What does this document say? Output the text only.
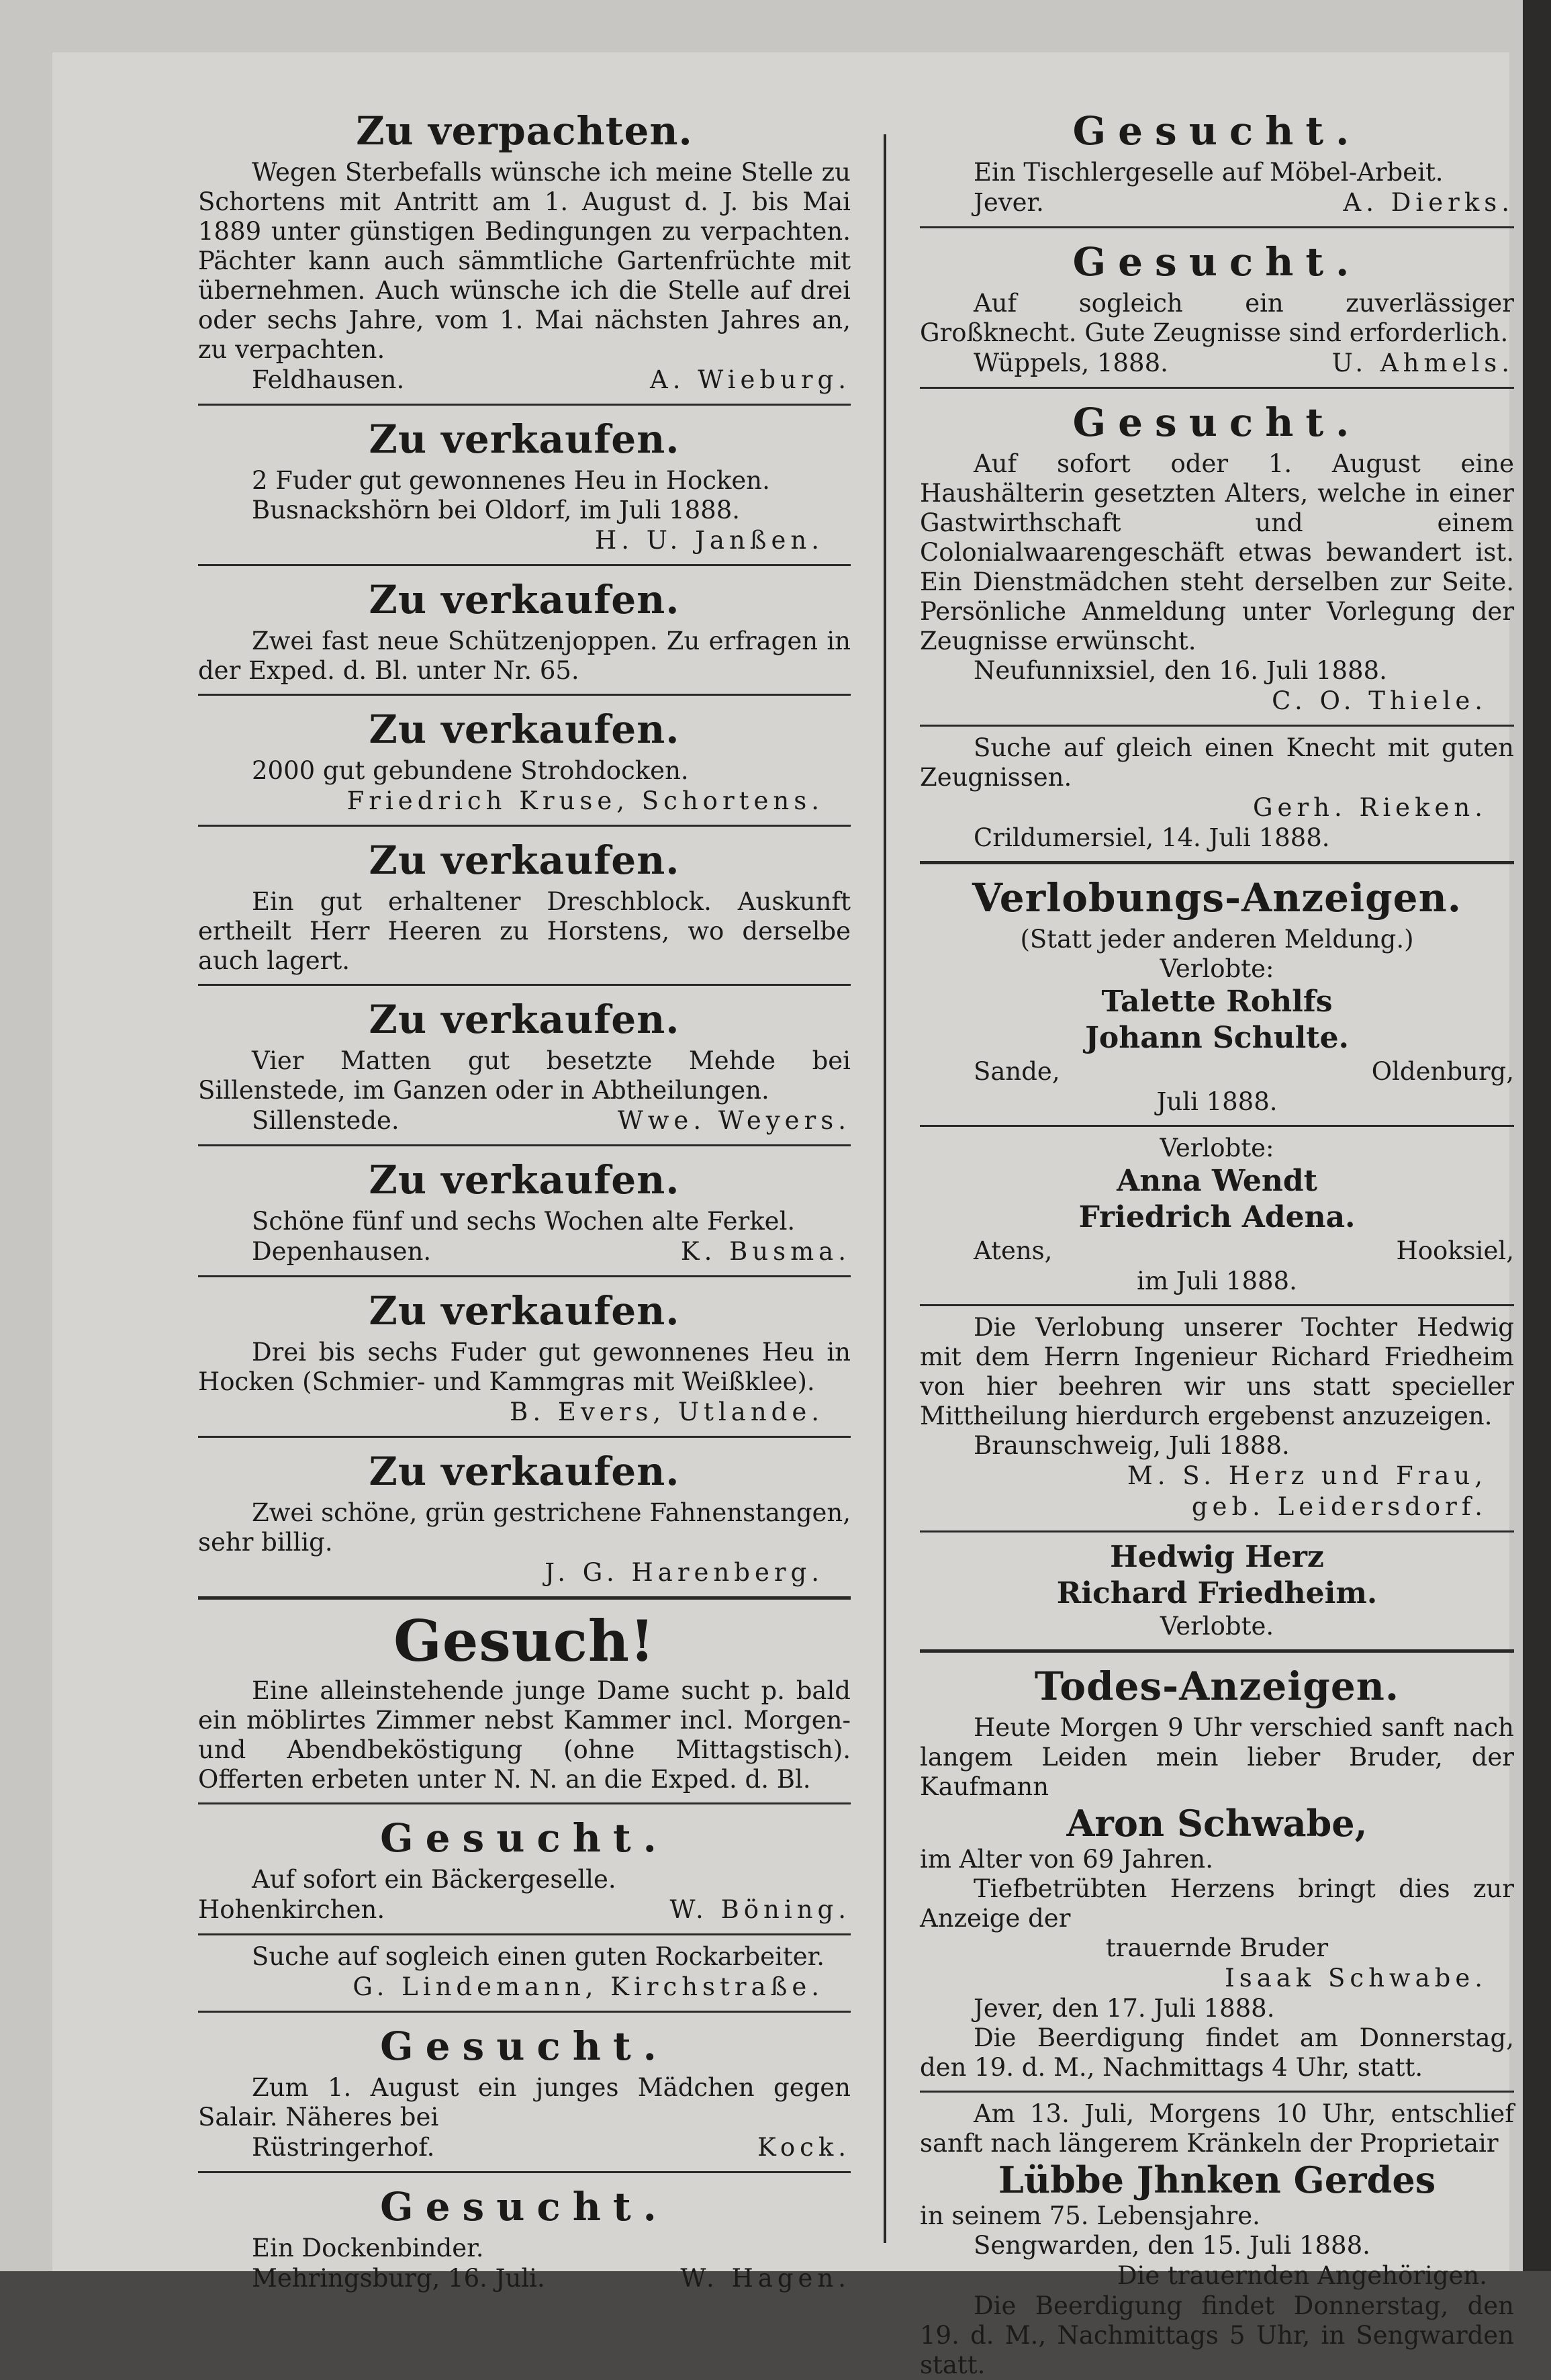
Zu verpachten.
Wegen Sterbefalls wünsche ich meine Stelle zu Schortens mit Antritt am 1. August d. J. bis Mai 1889 unter günstigen Bedingungen zu verpachten. Pächter kann auch sämmtliche Gartenfrüchte mit übernehmen. Auch wünsche ich die Stelle auf drei oder sechs Jahre, vom 1. Mai nächsten Jahres an, zu verpachten.
Feldhausen.	A. Wieburg.
Zu verkaufen.
2 Fuder gut gewonnenes Heu in Hocken.
Busnackshörn bei Oldorf, im Juli 1888.
H. U. Janßen.
Zu verkaufen.
Zwei fast neue Schützenjoppen. Zu erfragen in der Exped. d. Bl. unter Nr. 65.
Zu verkaufen.
2000 gut gebundene Strohdocken.
Friedrich Kruse, Schortens.
Zu verkaufen.
Ein gut erhaltener Dreschblock. Auskunft ertheilt Herr Heeren zu Horstens, wo derselbe auch lagert.
Zu verkaufen.
Vier Matten gut besetzte Mehde bei Sillenstede, im Ganzen oder in Abtheilungen.
Sillenstede.	Wwe. Weyers.
Zu verkaufen.
Schöne fünf und sechs Wochen alte Ferkel.
Depenhausen.	K. Busma.
Zu verkaufen.
Drei bis sechs Fuder gut gewonnenes Heu in Hocken (Schmier- und Kammgras mit Weißklee).
B. Evers, Utlande.
Zu verkaufen.
Zwei schöne, grün gestrichene Fahnenstangen, sehr billig.
J. G. Harenberg.
Gesuch!
Eine alleinstehende junge Dame sucht p. bald ein möblirtes Zimmer nebst Kammer incl. Morgen- und Abendbeköstigung (ohne Mittagstisch). Offerten erbeten unter N. N. an die Exped. d. Bl.
Gesucht.
Auf sofort ein Bäckergeselle.
Hohenkirchen.	W. Böning.
Suche auf sogleich einen guten Rockarbeiter.
G. Lindemann, Kirchstraße.
Gesucht.
Zum 1. August ein junges Mädchen gegen Salair. Näheres bei
Rüstringerhof.	Kock.
Gesucht.
Ein Dockenbinder.
Mehringsburg, 16. Juli.	W. Hagen.
Gesucht.
Ein Tischlergeselle auf Möbel-Arbeit.
Jever.	A. Dierks.
Gesucht.
Auf sogleich ein zuverlässiger Großknecht. Gute Zeugnisse sind erforderlich.
Wüppels, 1888.	U. Ahmels.
Gesucht.
Auf sofort oder 1. August eine Haushälterin gesetzten Alters, welche in einer Gastwirthschaft und einem Colonialwaarengeschäft etwas bewandert ist. Ein Dienstmädchen steht derselben zur Seite. Persönliche Anmeldung unter Vorlegung der Zeugnisse erwünscht.
Neufunnixsiel, den 16. Juli 1888.
C. O. Thiele.
Suche auf gleich einen Knecht mit guten Zeugnissen.
Gerh. Rieken.
Crildumersiel, 14. Juli 1888.
Verlobungs-Anzeigen.
(Statt jeder anderen Meldung.)
Verlobte:
Talette Rohlfs
Johann Schulte.
Sande,	Oldenburg,
Juli 1888.
Verlobte:
Anna Wendt
Friedrich Adena.
Atens,	Hooksiel,
im Juli 1888.
Die Verlobung unserer Tochter Hedwig mit dem Herrn Ingenieur Richard Friedheim von hier beehren wir uns statt specieller Mittheilung hierdurch ergebenst anzuzeigen.
Braunschweig, Juli 1888.
M. S. Herz und Frau,
geb. Leidersdorf.
Hedwig Herz
Richard Friedheim.
Verlobte.
Todes-Anzeigen.
Heute Morgen 9 Uhr verschied sanft nach langem Leiden mein lieber Bruder, der Kaufmann
Aron Schwabe,
im Alter von 69 Jahren.
Tiefbetrübten Herzens bringt dies zur Anzeige der
trauernde Bruder
Isaak Schwabe.
Jever, den 17. Juli 1888.
Die Beerdigung findet am Donnerstag, den 19. d. M., Nachmittags 4 Uhr, statt.
Am 13. Juli, Morgens 10 Uhr, entschlief sanft nach längerem Kränkeln der Proprietair
Lübbe Jhnken Gerdes
in seinem 75. Lebensjahre.
Sengwarden, den 15. Juli 1888.
Die trauernden Angehörigen.
Die Beerdigung findet Donnerstag, den 19. d. M., Nachmittags 5 Uhr, in Sengwarden statt.
